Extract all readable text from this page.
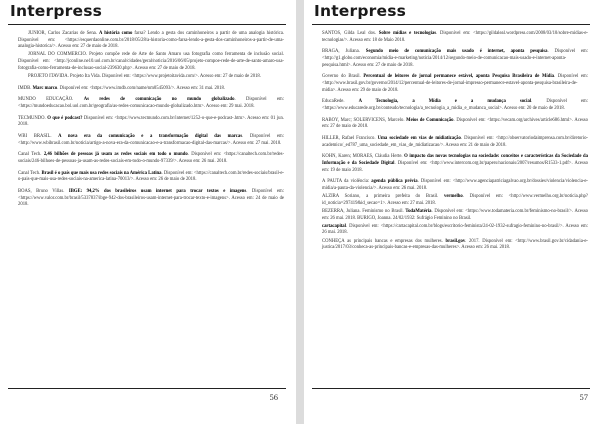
Interpress

JUNIOR, Carlos Zacarias de Sena. A história como farsa? Lendo a gesta dos caminhoneiros a partir de uma analogia histórica. Disponível em: <https://esquerdaonline.com.br/2018/05/28/a-historia-como-farsa-lendo-a-gesta-dos-caminhoneiros-a-partir-de-uma-analogia-historica/>. Acesso em: 27 de maio de 2018.

JORNAL DO COMMERCIO. Projeto compõe rede de Arte de Santo Amaro usa fotografia como ferramenta de inclusão social. Disponível em: <http://jconline.ne10.uol.com.br/canal/cidades/geral/noticia/2016/06/05/projeto-compoe-rede-de-arte-de-santo-amaro-usa-fotografia-como-ferramenta-de-inclusao-social-239630.php>. Acesso em: 27 de maio de 2018.

PROJETO ITAVIDA. Projeto Ita Vida. Disponível em: <https://www.projetoitavida.com/>. Acesso em: 27 de maio de 2018.

IMDB. Marc marco. Disponível em: <https://www.imdb.com/name/nm0545093/>. Acesso em: 31 mai. 2018.

MUNDO EDUCAÇÃO. As redes de comunicação no mundo globalizado. Disponível em: <https://mundoeducacao.bol.uol.com.br/geografia/as-redes-comunicacao-mundo-globalizado.htm>. Acesso em: 29 mai. 2018.

TECMUNDO. O que é podcast? Disponível em: <https://www.tecmundo.com.br/internet/1252-o-que-e-podcast-.htm>. Acesso em: 01 jun. 2018.

WBI BRASIL. A nova era da comunicação e a transformação digital das marcas. Disponível em: <http://www.wbibrasil.com.br/noticia/artigo-a-nova-era-da-comunicacao-e-a-transformacao-digital-das-marcas/>. Acesso em: 27 mai. 2018.

Canal Tech. 2,46 bilhões de pessoas já usam as redes sociais em todo o mundo. Disponível em: <https://canaltech.com.br/redes-sociais/246-bilhoes-de-pessoas-ja-usam-as-redes-sociais-em-todo-o-mundo-97339/>. Acesso em: 26 mai. 2018.

Canal Tech. Brasil é o país que mais usa redes sociais na América Latina. Disponível em: <https://canaltech.com.br/redes-sociais/brasil-e-o-pais-que-mais-usa-redes-sociais-na-america-latina-70013/>. Acesso em: 26 de maio de 2018.

BOAS, Bruno Villas. IBGE: 94,2% dos brasileiros usam internet para trocar textos e imagens. Disponível em: <https://www.valor.com.br/brasil/5337837/ibge-942-dos-brasileiros-usam-internet-para-trocar-texto-e-imagens>. Acesso em: 24 de maio de 2018.

56
Interpress

SANTOS, Gilda Leal dos. Sobre mídias e tecnologias. Disponível em: <https://gildaleal.wordpress.com/2008/03/10/sobre-midias-e-tecnologias/>. Acesso em: 18 de Maio 2018.

BRAGA, Juliana. Segundo meio de comunicação mais usado é internet, aponta pesquisa. Disponível em: <http://g1.globo.com/economia/midia-e-marketing/noticia/2014/12/segundo-meio-de-comunicacao-mais-usado-e-internet-aponta-pesquisa.html>. Acesso em: 27 de maio de 2018.

Governo do Brasil. Percentual de leitores de jornal permanece estável, aponta Pesquisa Brasileira de Mídia. Disponível em: <http://www.brasil.gov.br/governo/2014/12/percentual-de-leitores-de-jornal-impresso-permanece-estavel-aponta-pesquisa-brasileira-de-midia>. Acesso em: 29 de maio de 2018.

EducaRede. A Tecnologia, a Mídia e a mudança social. Disponível em: <https://www.educarede.org.br/conteudo/tecnologia/a_tecnologia_a_midia_e_mudanca_social>. Acesso em: 20 de maio de 2018.

RABOY, Marc; SOLERVICENS, Marcelo. Meios de Comunicação. Disponível em: <https://vecam.org/archives/article686.html>. Acesso em: 27 de maio de 2018.

HILLER, Rafael Francisco. Uma sociedade em vias de midiatização. Disponível em: <http://observatoriodaimprensa.com.br/diretorio-academico/_ed787_uma_sociedade_em_vias_de_midiatizacao/>. Acesso em: 21 de maio de 2018.

KOHN, Karen; MORAES, Cláudia Herte. O impacto das novas tecnologias na sociedade: conceitos e características da Sociedade da Informação e da Sociedade Digital. Disponível em: <http://www.intercom.org.br/papers/nacionais/2007/resumos/R1533-1.pdf>. Acesso em: 19 de maio 2018.

A PAUTA da violência: agenda pública prévia. Disponível em: <http://www.agenciapatriciagalvao.org.br/dossies/violencia/violencia-e-midia/a-pauta-da-violencia/>. Acesso em: 26 mai. 2018.

ALZIRA Soriano, a primeira prefeita do Brasil. vermelho. Disponível em: <http://www.vermelho.org.br/noticia.php?id_noticia=297419&id_secao=1>. Acesso em: 27 mai. 2018.

BEZERRA, Juliana. Feminismo no Brasil. TodaMatéria. Disponível em: <https://www.todamateria.com.br/feminismo-no-brasil/>. Acesso em: 26 mai. 2018. BURIGO, Joanna. 24/02/1932: Sufrágio Feminino no Brasil.

cartacapital. Disponível em: <https://cartacapital.com.br/blogs/escritorio-feminista/24-02-1932-sufragio-feminino-no-brasil/>. Acesso em: 26 mai. 2018.

CONHEÇA as principais bancas e empresas dos mulheres. brasil.gov. 2017. Disponível em: <http://www.brasil.gov.br/cidadania-e-justica/2017/03/conheca-as-principais-bancas-e-empresas-das-mulheres>. Acesso em: 26 mai. 2018.

57
